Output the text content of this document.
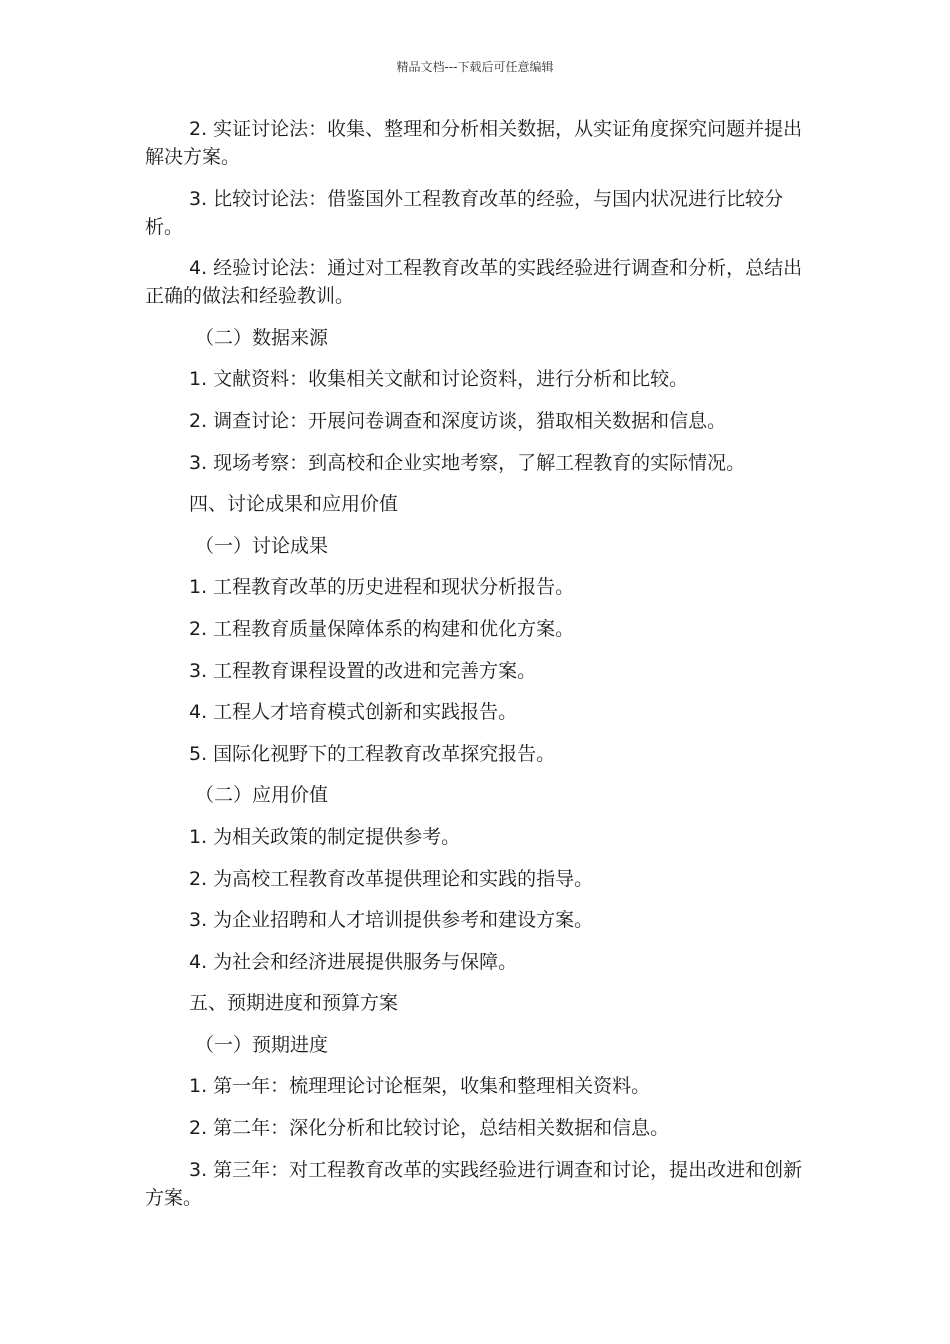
精品文档---下载后可任意编辑

2. 实证讨论法：收集、整理和分析相关数据，从实证角度探究问题并提出解决方案。

3. 比较讨论法：借鉴国外工程教育改革的经验，与国内状况进行比较分析。

4. 经验讨论法：通过对工程教育改革的实践经验进行调查和分析，总结出正确的做法和经验教训。

（二）数据来源

1. 文献资料：收集相关文献和讨论资料，进行分析和比较。

2. 调查讨论：开展问卷调查和深度访谈，猎取相关数据和信息。

3. 现场考察：到高校和企业实地考察，了解工程教育的实际情况。

四、讨论成果和应用价值

（一）讨论成果

1. 工程教育改革的历史进程和现状分析报告。

2. 工程教育质量保障体系的构建和优化方案。

3. 工程教育课程设置的改进和完善方案。

4. 工程人才培育模式创新和实践报告。

5. 国际化视野下的工程教育改革探究报告。

（二）应用价值

1. 为相关政策的制定提供参考。

2. 为高校工程教育改革提供理论和实践的指导。

3. 为企业招聘和人才培训提供参考和建设方案。

4. 为社会和经济进展提供服务与保障。

五、预期进度和预算方案

（一）预期进度

1. 第一年：梳理理论讨论框架，收集和整理相关资料。

2. 第二年：深化分析和比较讨论，总结相关数据和信息。

3. 第三年：对工程教育改革的实践经验进行调查和讨论，提出改进和创新方案。
